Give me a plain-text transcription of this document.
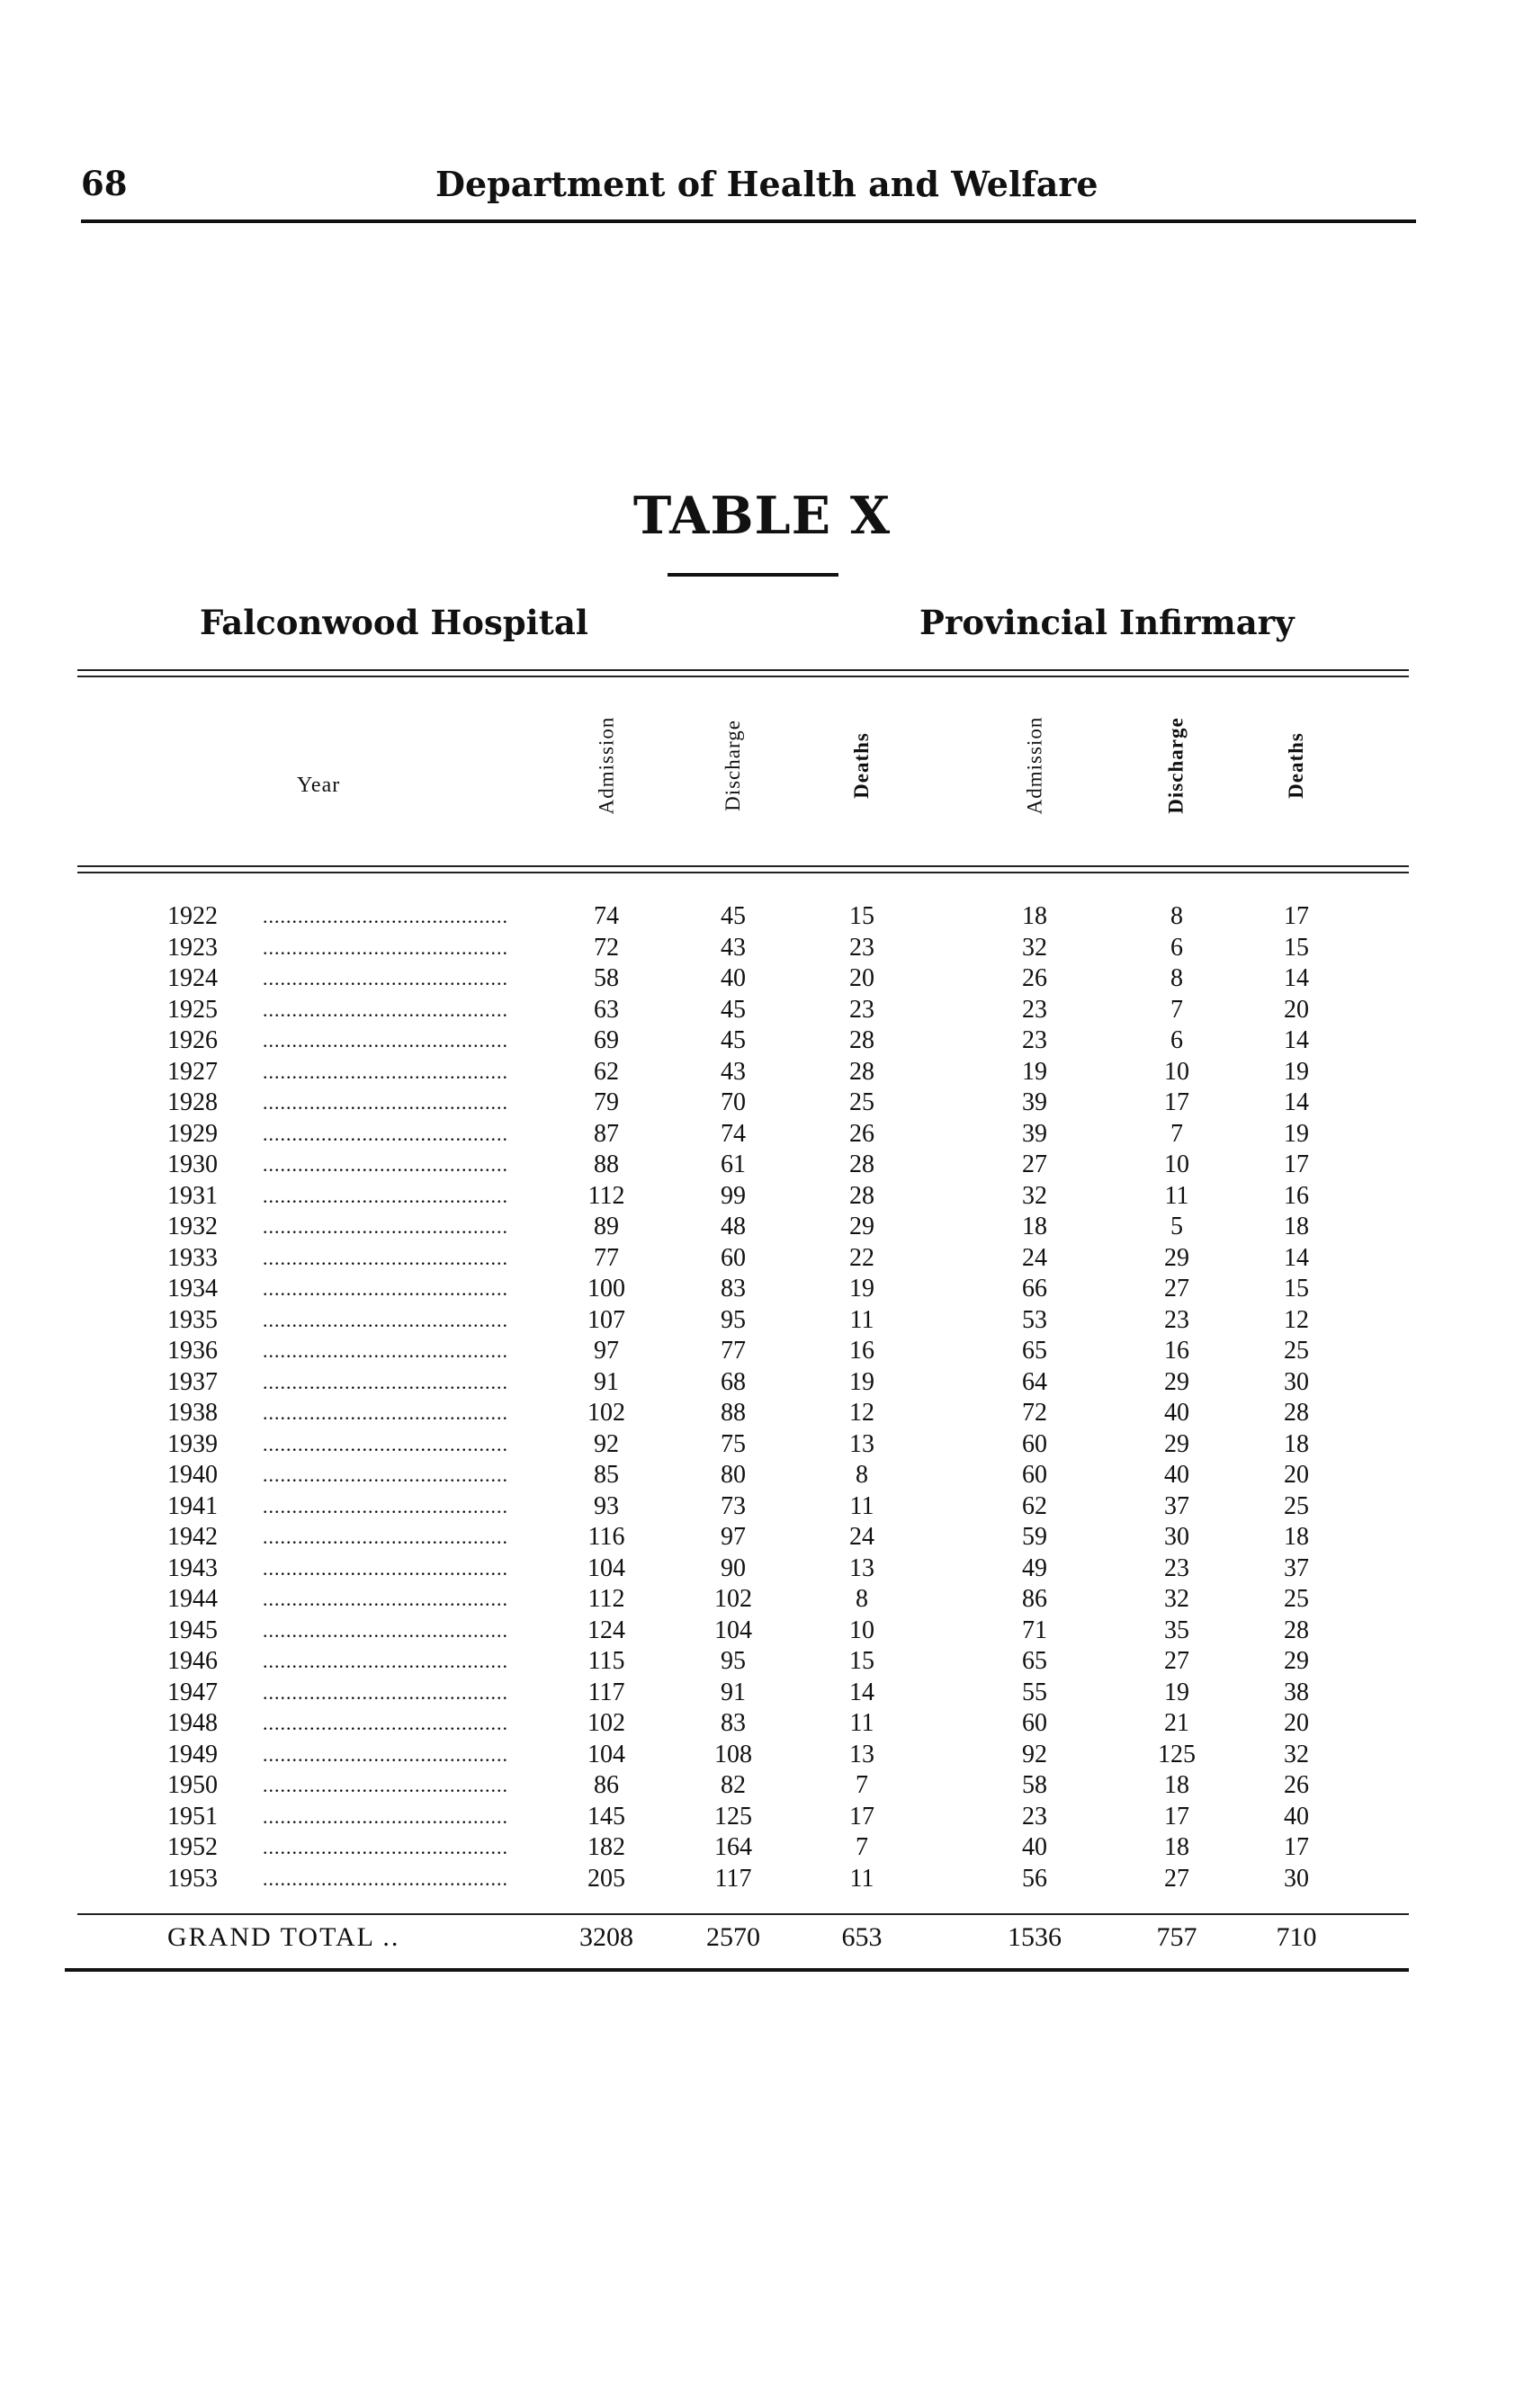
68	Department of Health and Welfare
TABLE X
Falconwood Hospital	Provincial Infirmary
Year	Admission	Discharge	Deaths	Admission	Discharge	Deaths
1922 ..........................................	74	45	15	18	8	17
1923 ..........................................	72	43	23	32	6	15
1924 ..........................................	58	40	20	26	8	14
1925 ..........................................	63	45	23	23	7	20
1926 ..........................................	69	45	28	23	6	14
1927 ..........................................	62	43	28	19	10	19
1928 ..........................................	79	70	25	39	17	14
1929 ..........................................	87	74	26	39	7	19
1930 ..........................................	88	61	28	27	10	17
1931 ..........................................	112	99	28	32	11	16
1932 ..........................................	89	48	29	18	5	18
1933 ..........................................	77	60	22	24	29	14
1934 ..........................................	100	83	19	66	27	15
1935 ..........................................	107	95	11	53	23	12
1936 ..........................................	97	77	16	65	16	25
1937 ..........................................	91	68	19	64	29	30
1938 ..........................................	102	88	12	72	40	28
1939 ..........................................	92	75	13	60	29	18
1940 ..........................................	85	80	8	60	40	20
1941 ..........................................	93	73	11	62	37	25
1942 ..........................................	116	97	24	59	30	18
1943 ..........................................	104	90	13	49	23	37
1944 ..........................................	112	102	8	86	32	25
1945 ..........................................	124	104	10	71	35	28
1946 ..........................................	115	95	15	65	27	29
1947 ..........................................	117	91	14	55	19	38
1948 ..........................................	102	83	11	60	21	20
1949 ..........................................	104	108	13	92	125	32
1950 ..........................................	86	82	7	58	18	26
1951 ..........................................	145	125	17	23	17	40
1952 ..........................................	182	164	7	40	18	17
1953 ..........................................	205	117	11	56	27	30
GRAND TOTAL ..	3208	2570	653	1536	757	710
